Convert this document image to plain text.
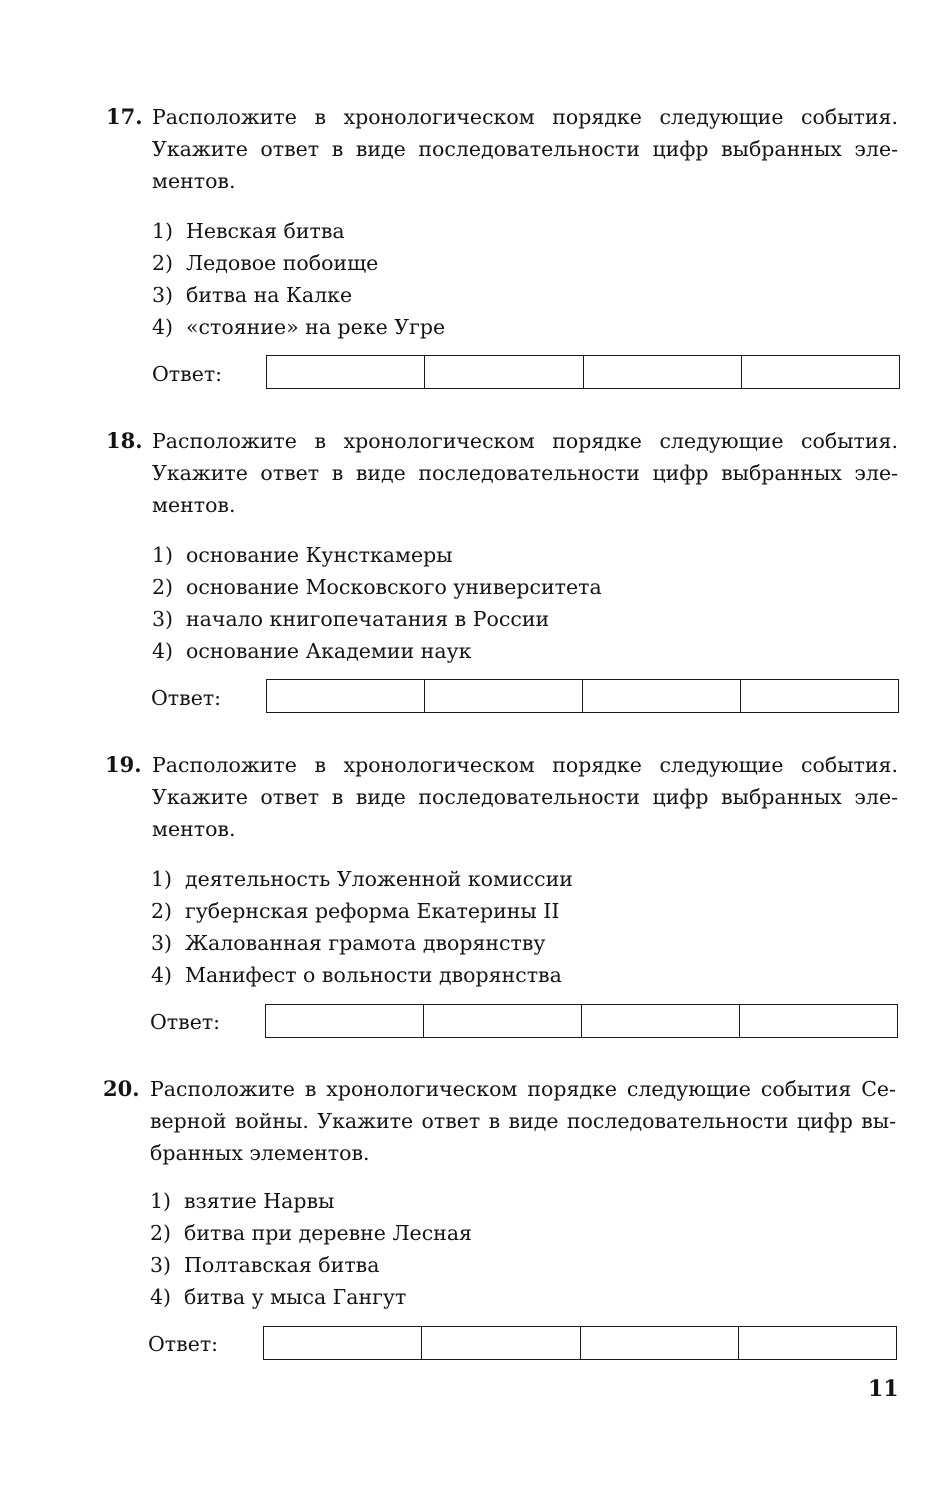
17. Расположите в хронологическом порядке следующие события.
Укажите ответ в виде последовательности цифр выбранных эле-
ментов.
1) Невская битва
2) Ледовое побоище
3) битва на Калке
4) «стояние» на реке Угре
Ответ:
18. Расположите в хронологическом порядке следующие события.
Укажите ответ в виде последовательности цифр выбранных эле-
ментов.
1) основание Кунсткамеры
2) основание Московского университета
3) начало книгопечатания в России
4) основание Академии наук
Ответ:
19. Расположите в хронологическом порядке следующие события.
Укажите ответ в виде последовательности цифр выбранных эле-
ментов.
1) деятельность Уложенной комиссии
2) губернская реформа Екатерины II
3) Жалованная грамота дворянству
4) Манифест о вольности дворянства
Ответ:
20. Расположите в хронологическом порядке следующие события Се-
верной войны. Укажите ответ в виде последовательности цифр вы-
бранных элементов.
1) взятие Нарвы
2) битва при деревне Лесная
3) Полтавская битва
4) битва у мыса Гангут
Ответ:
11
